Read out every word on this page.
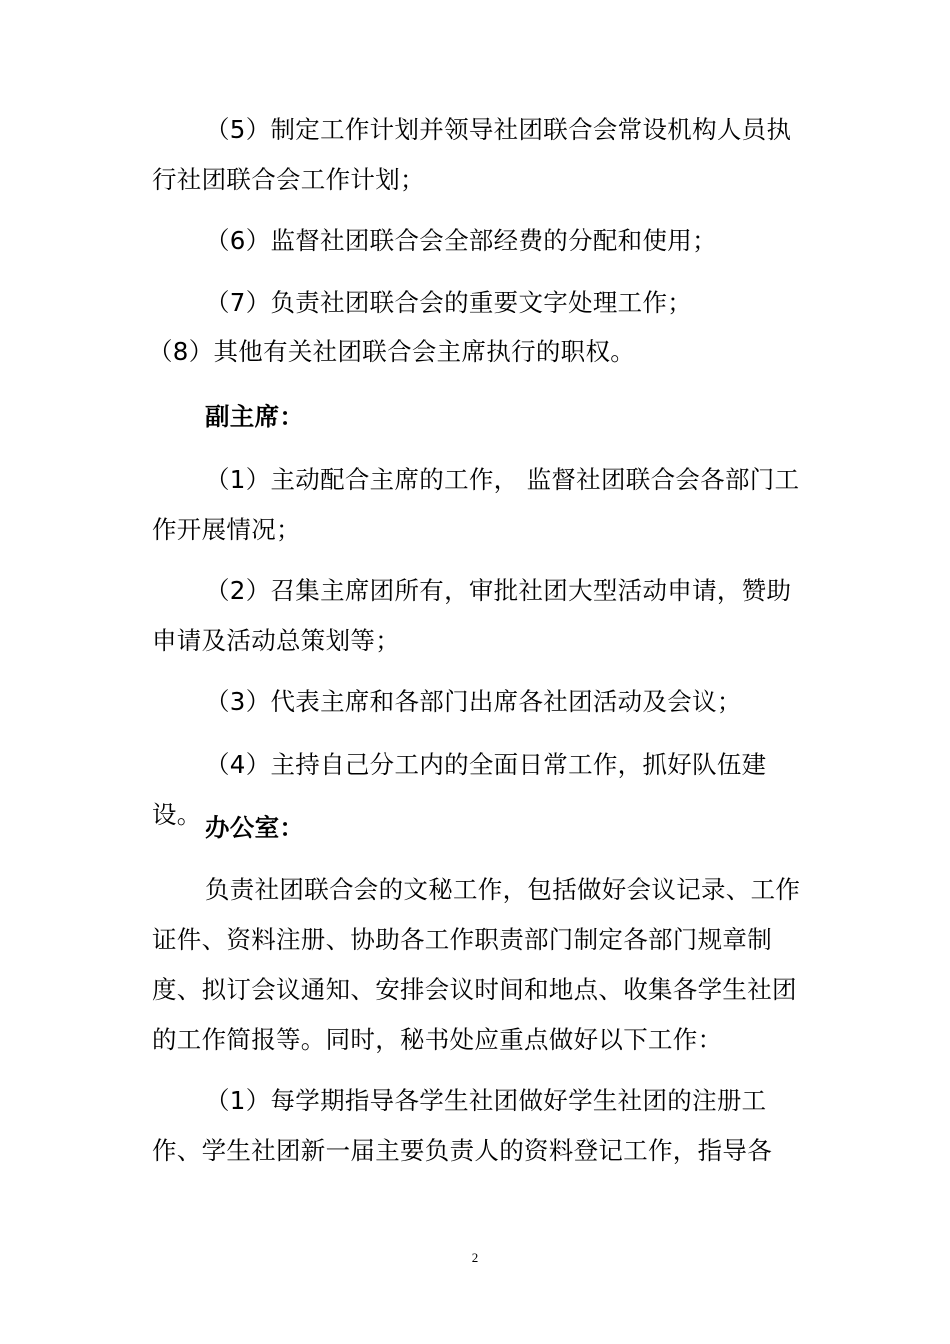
（5）制定工作计划并领导社团联合会常设机构人员执行社团联合会工作计划；

（6）监督社团联合会全部经费的分配和使用；

（7）负责社团联合会的重要文字处理工作；

（8）其他有关社团联合会主席执行的职权。

副主席：

（1）主动配合主席的工作， 监督社团联合会各部门工作开展情况；

（2）召集主席团所有，审批社团大型活动申请，赞助申请及活动总策划等；

（3）代表主席和各部门出席各社团活动及会议；

（4）主持自己分工内的全面日常工作，抓好队伍建设。 办公室：

负责社团联合会的文秘工作，包括做好会议记录、工作证件、资料注册、协助各工作职责部门制定各部门规章制度、拟订会议通知、安排会议时间和地点、收集各学生社团的工作简报等。同时，秘书处应重点做好以下工作：

（1）每学期指导各学生社团做好学生社团的注册工作、学生社团新一届主要负责人的资料登记工作，指导各

2
